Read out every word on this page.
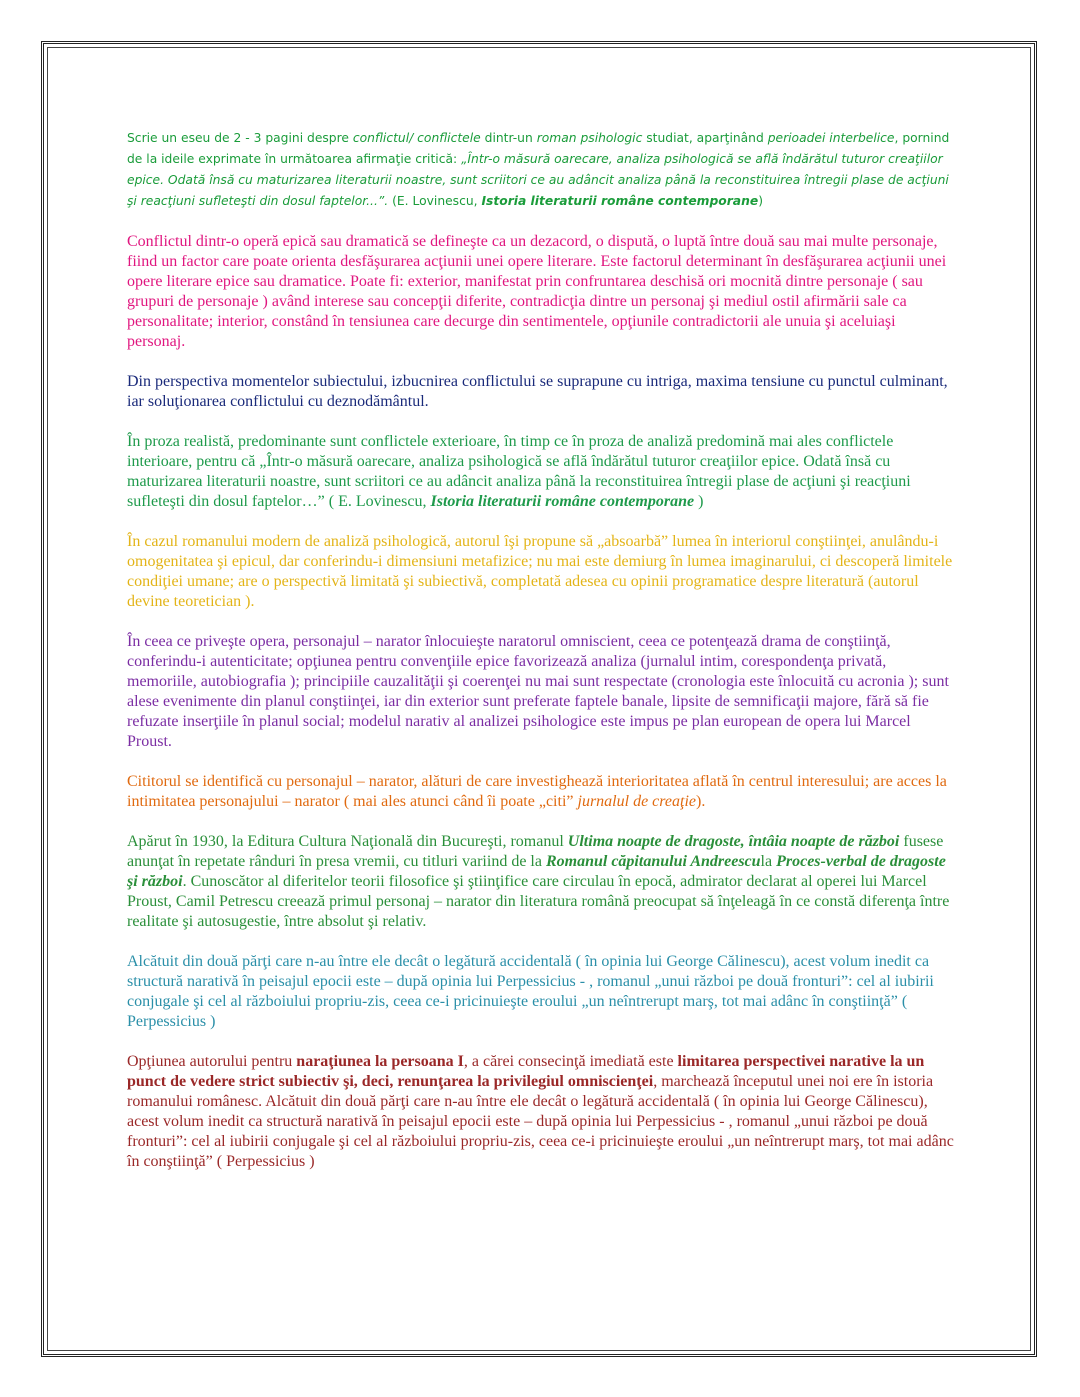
Scrie un eseu de 2 - 3 pagini despre conflictul/ conflictele dintr-un roman psihologic studiat, aparţinând perioadei interbelice, pornind de la ideile exprimate în următoarea afirmaţie critică: „Într-o măsură oarecare, analiza psihologică se află îndărătul tuturor creaţiilor epice. Odată însă cu maturizarea literaturii noastre, sunt scriitori ce au adâncit analiza până la reconstituirea întregii plase de acţiuni şi reacţiuni sufleteşti din dosul faptelor...”. (E. Lovinescu, Istoria literaturii române contemporane)

Conflictul dintr-o operă epică sau dramatică se defineşte ca un dezacord, o dispută, o luptă între două sau mai multe personaje, fiind un factor care poate orienta desfăşurarea acţiunii unei opere literare. Este factorul determinant în desfăşurarea acţiunii unei opere literare epice sau dramatice. Poate fi: exterior, manifestat prin confruntarea deschisă ori mocnită dintre personaje ( sau grupuri de personaje ) având interese sau concepţii diferite, contradicţia dintre un personaj şi mediul ostil afirmării sale ca personalitate; interior, constând în tensiunea care decurge din sentimentele, opţiunile contradictorii ale unuia şi aceluiaşi personaj.

Din perspectiva momentelor subiectului, izbucnirea conflictului se suprapune cu intriga, maxima tensiune cu punctul culminant, iar soluţionarea conflictului cu deznodământul.

În proza realistă, predominante sunt conflictele exterioare, în timp ce în proza de analiză predomină mai ales conflictele interioare, pentru că „Într-o măsură oarecare, analiza psihologică se află îndărătul tuturor creaţiilor epice. Odată însă cu maturizarea literaturii noastre, sunt scriitori ce au adâncit analiza până la reconstituirea întregii plase de acţiuni şi reacţiuni sufleteşti din dosul faptelor…” ( E. Lovinescu, Istoria literaturii române contemporane )

În cazul romanului modern de analiză psihologică, autorul îşi propune să „absoarbă” lumea în interiorul conştiinţei, anulându-i omogenitatea şi epicul, dar conferindu-i dimensiuni metafizice; nu mai este demiurg în lumea imaginarului, ci descoperă limitele condiţiei umane; are o perspectivă limitată şi subiectivă, completată adesea cu opinii programatice despre literatură (autorul devine teoretician ).

În ceea ce priveşte opera, personajul – narator înlocuieşte naratorul omniscient, ceea ce potenţează drama de conştiinţă, conferindu-i autenticitate; opţiunea pentru convenţiile epice favorizează analiza (jurnalul intim, corespondenţa privată, memoriile, autobiografia ); principiile cauzalităţii şi coerenţei nu mai sunt respectate (cronologia este înlocuită cu acronia ); sunt alese evenimente din planul conştiinţei, iar din exterior sunt preferate faptele banale, lipsite de semnificaţii majore, fără să fie refuzate inserţiile în planul social; modelul narativ al analizei psihologice este impus pe plan european de opera lui Marcel Proust.

Cititorul se identifică cu personajul – narator, alături de care investighează interioritatea aflată în centrul interesului; are acces la intimitatea personajului – narator ( mai ales atunci când îi poate „citi” jurnalul de creaţie).

Apărut în 1930, la Editura Cultura Naţională din Bucureşti, romanul Ultima noapte de dragoste, întâia noapte de război fusese anunţat în repetate rânduri în presa vremii, cu titluri variind de la Romanul căpitanului Andreescula Proces-verbal de dragoste şi război. Cunoscător al diferitelor teorii filosofice şi ştiinţifice care circulau în epocă, admirator declarat al operei lui Marcel Proust, Camil Petrescu creează primul personaj – narator din literatura română preocupat să înţeleagă în ce constă diferenţa între realitate şi autosugestie, între absolut şi relativ.

Alcătuit din două părţi care n-au între ele decât o legătură accidentală ( în opinia lui George Călinescu), acest volum inedit ca structură narativă în peisajul epocii este – după opinia lui Perpessicius - , romanul „unui război pe două fronturi”: cel al iubirii conjugale şi cel al războiului propriu-zis, ceea ce-i pricinuieşte eroului „un neîntrerupt marş, tot mai adânc în conştiinţă” ( Perpessicius )

Opţiunea autorului pentru naraţiunea la persoana I, a cărei consecinţă imediată este limitarea perspectivei narative la un punct de vedere strict subiectiv şi, deci, renunţarea la privilegiul omniscienţei, marchează începutul unei noi ere în istoria romanului românesc. Alcătuit din două părţi care n-au între ele decât o legătură accidentală ( în opinia lui George Călinescu), acest volum inedit ca structură narativă în peisajul epocii este – după opinia lui Perpessicius - , romanul „unui război pe două fronturi”: cel al iubirii conjugale şi cel al războiului propriu-zis, ceea ce-i pricinuieşte eroului „un neîntrerupt marş, tot mai adânc în conştiinţă” ( Perpessicius )
